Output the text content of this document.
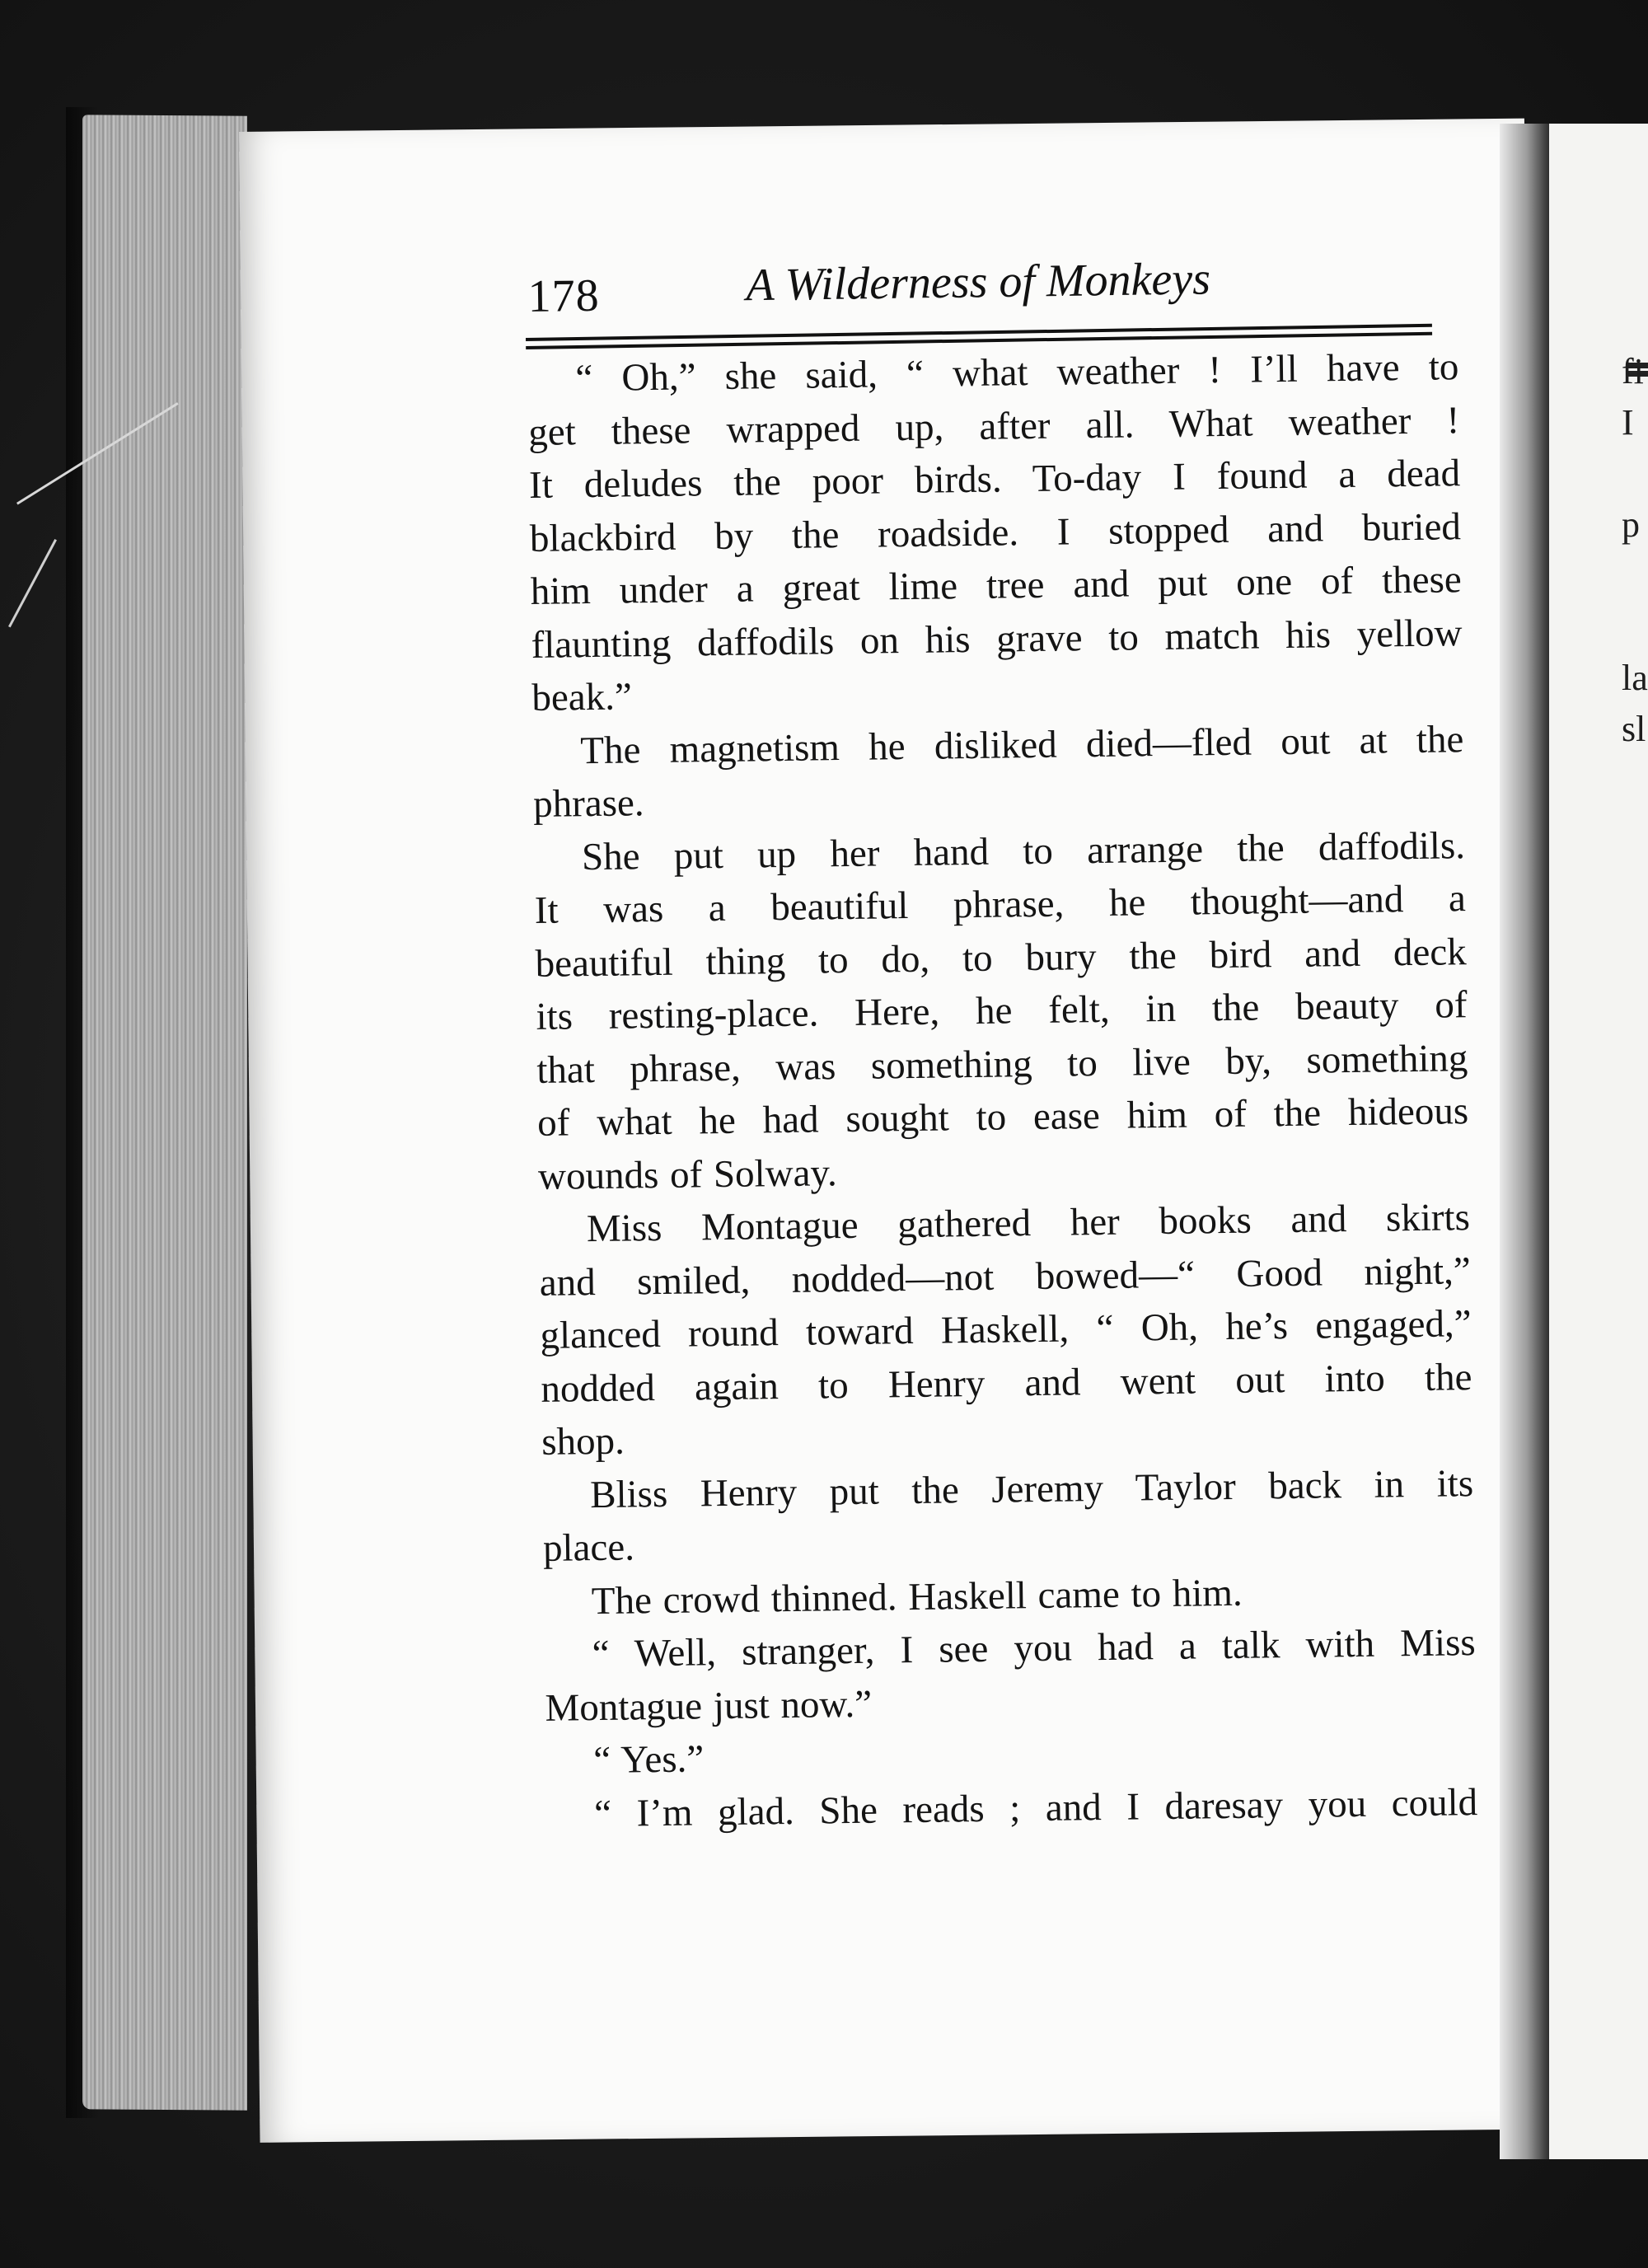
fi
I
p
la
sl
178	A Wilderness of Monkeys
“ Oh,” she said, “ what weather ! I’ll have to
get these wrapped up, after all. What weather !
It deludes the poor birds. To-day I found a dead
blackbird by the roadside. I stopped and buried
him under a great lime tree and put one of these
flaunting daffodils on his grave to match his yellow
beak.”
The magnetism he disliked died—fled out at the
phrase.
She put up her hand to arrange the daffodils.
It was a beautiful phrase, he thought—and a
beautiful thing to do, to bury the bird and deck
its resting-place. Here, he felt, in the beauty of
that phrase, was something to live by, something
of what he had sought to ease him of the hideous
wounds of Solway.
Miss Montague gathered her books and skirts
and smiled, nodded—not bowed—“ Good night,”
glanced round toward Haskell, “ Oh, he’s engaged,”
nodded again to Henry and went out into the
shop.
Bliss Henry put the Jeremy Taylor back in its
place.
The crowd thinned. Haskell came to him.
“ Well, stranger, I see you had a talk with Miss
Montague just now.”
“ Yes.”
“ I’m glad. She reads ; and I daresay you could
